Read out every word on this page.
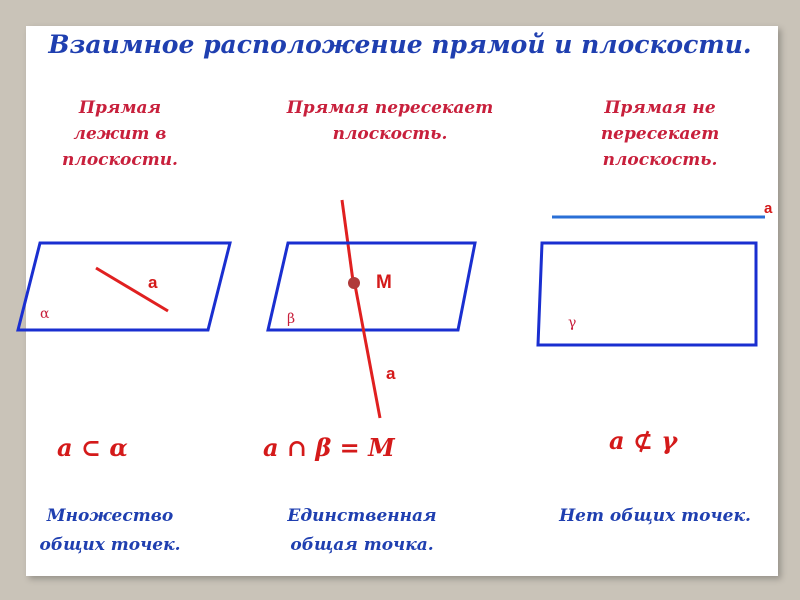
Взаимное расположение прямой и плоскости.
Прямая
лежит в
плоскости.
Прямая пересекает
плоскость.
Прямая не
пересекает
плоскость.
a
α
M
β
a
a
γ
a ⊂ α	a ∩ β = M	a ⊄ γ
Множество
общих точек.
Единственная
общая точка.
Нет общих точек.
